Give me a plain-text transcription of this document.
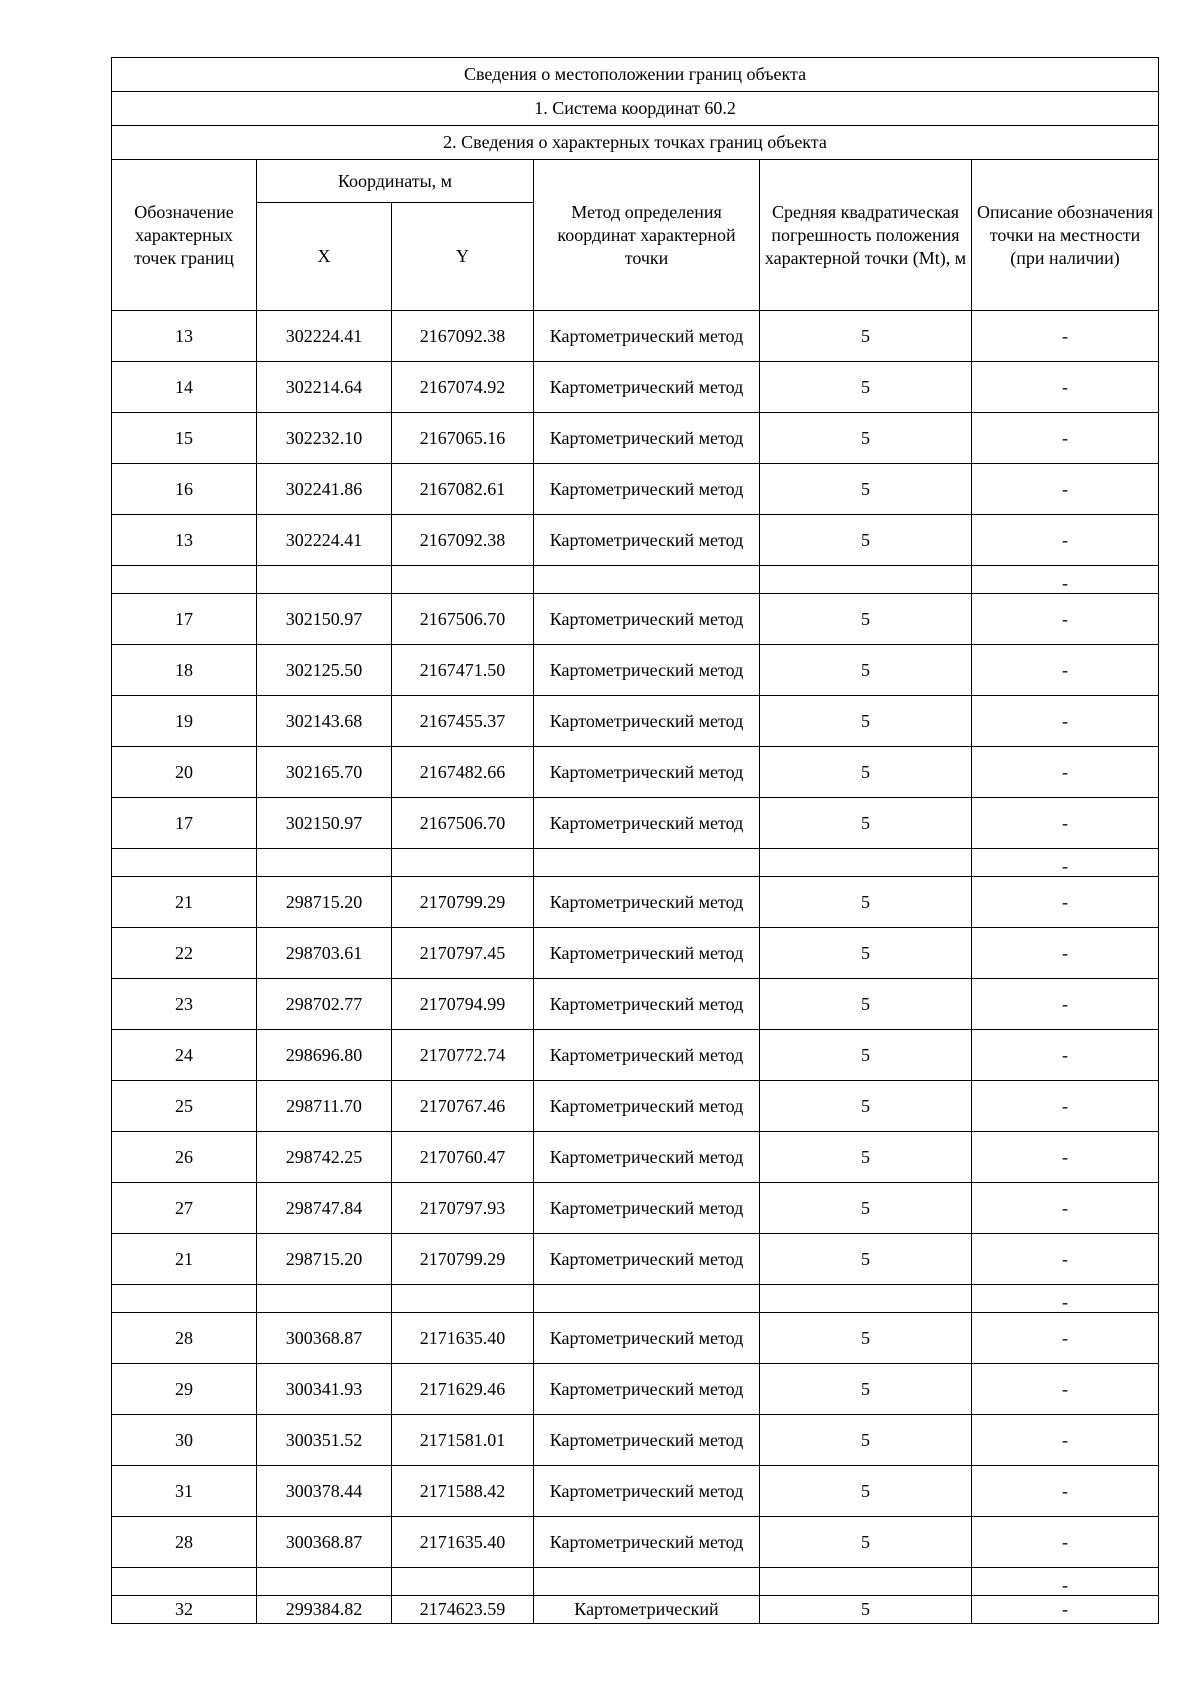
Сведения о местоположении границ объекта					
1. Система координат 60.2					
2. Сведения о характерных точках границ объекта					
Обозначение характерных точек границ	Координаты, м		Метод определения координат характерной точки	Средняя квадратическая погрешность положения характерной точки (Mt), м	Описание обозначения точки на местности (при наличии)
	X	Y			
13	302224.41	2167092.38	Картометрический метод	5	-
14	302214.64	2167074.92	Картометрический метод	5	-
15	302232.10	2167065.16	Картометрический метод	5	-
16	302241.86	2167082.61	Картометрический метод	5	-
13	302224.41	2167092.38	Картометрический метод	5	-
					-
17	302150.97	2167506.70	Картометрический метод	5	-
18	302125.50	2167471.50	Картометрический метод	5	-
19	302143.68	2167455.37	Картометрический метод	5	-
20	302165.70	2167482.66	Картометрический метод	5	-
17	302150.97	2167506.70	Картометрический метод	5	-
					-
21	298715.20	2170799.29	Картометрический метод	5	-
22	298703.61	2170797.45	Картометрический метод	5	-
23	298702.77	2170794.99	Картометрический метод	5	-
24	298696.80	2170772.74	Картометрический метод	5	-
25	298711.70	2170767.46	Картометрический метод	5	-
26	298742.25	2170760.47	Картометрический метод	5	-
27	298747.84	2170797.93	Картометрический метод	5	-
21	298715.20	2170799.29	Картометрический метод	5	-
					-
28	300368.87	2171635.40	Картометрический метод	5	-
29	300341.93	2171629.46	Картометрический метод	5	-
30	300351.52	2171581.01	Картометрический метод	5	-
31	300378.44	2171588.42	Картометрический метод	5	-
28	300368.87	2171635.40	Картометрический метод	5	-
					-
32	299384.82	2174623.59	Картометрический	5	-
